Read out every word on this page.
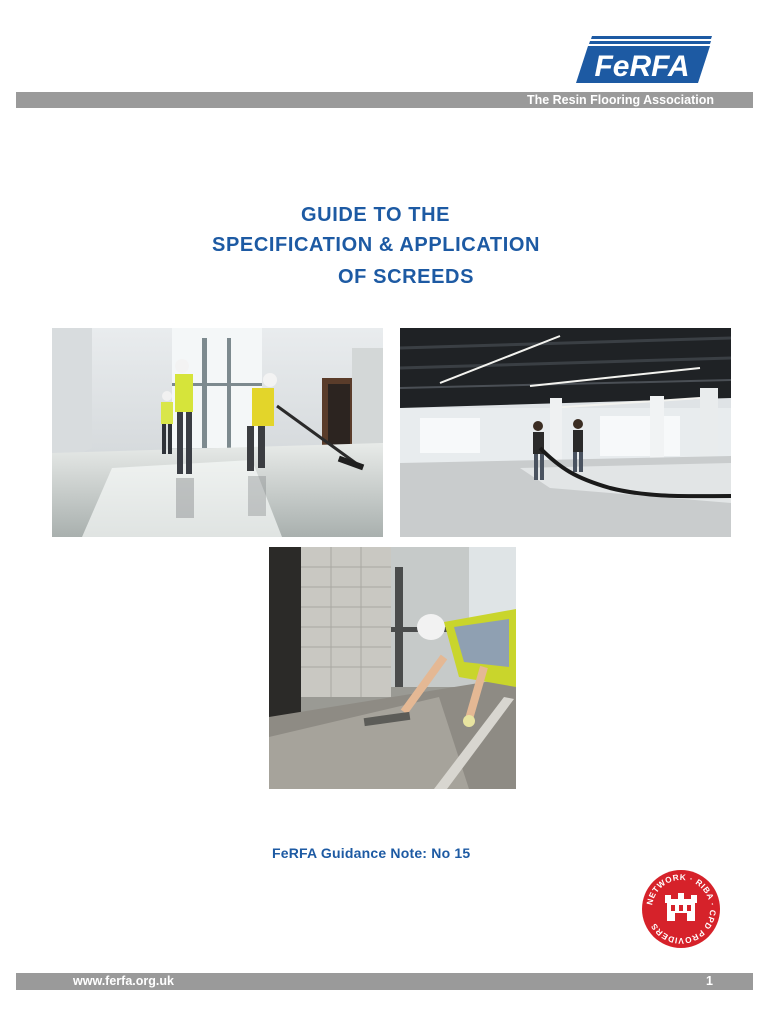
FeRFA
The Resin Flooring Association
GUIDE TO THE
SPECIFICATION & APPLICATION
OF SCREEDS
FeRFA Guidance Note: No 15
NETWORK · RIBA · CPD PROVIDERS
www.ferfa.org.uk	1
